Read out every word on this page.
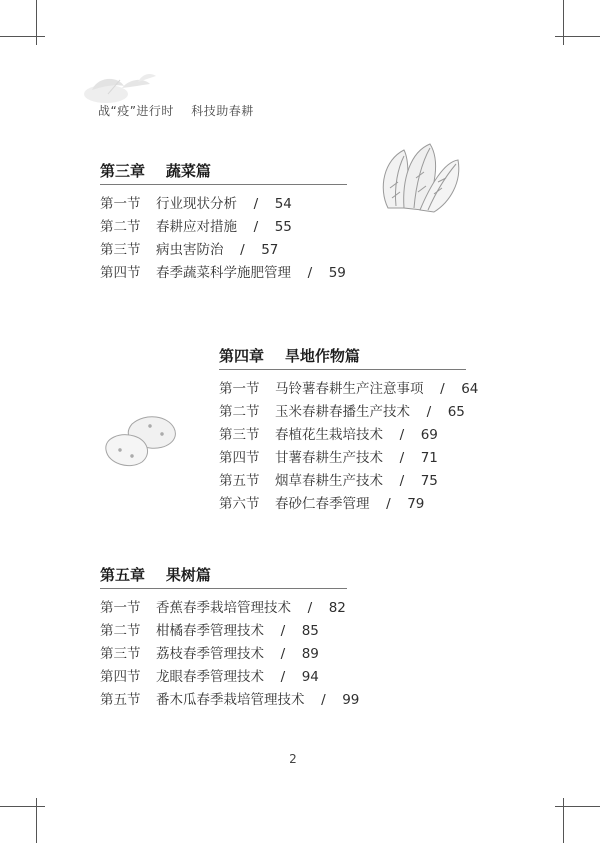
战“疫”进行时    科技助春耕
第三章    蔬菜篇
第一节 行业现状分析  /  54
第二节 春耕应对措施  /  55
第三节 病虫害防治  /  57
第四节 春季蔬菜科学施肥管理  /  59
第四章    旱地作物篇
第一节 马铃薯春耕生产注意事项  /  64
第二节 玉米春耕春播生产技术  /  65
第三节 春植花生栽培技术  /  69
第四节 甘薯春耕生产技术  /  71
第五节 烟草春耕生产技术  /  75
第六节 春砂仁春季管理  /  79
第五章    果树篇
第一节 香蕉春季栽培管理技术  /  82
第二节 柑橘春季管理技术  /  85
第三节 荔枝春季管理技术  /  89
第四节 龙眼春季管理技术  /  94
第五节 番木瓜春季栽培管理技术  /  99
2
